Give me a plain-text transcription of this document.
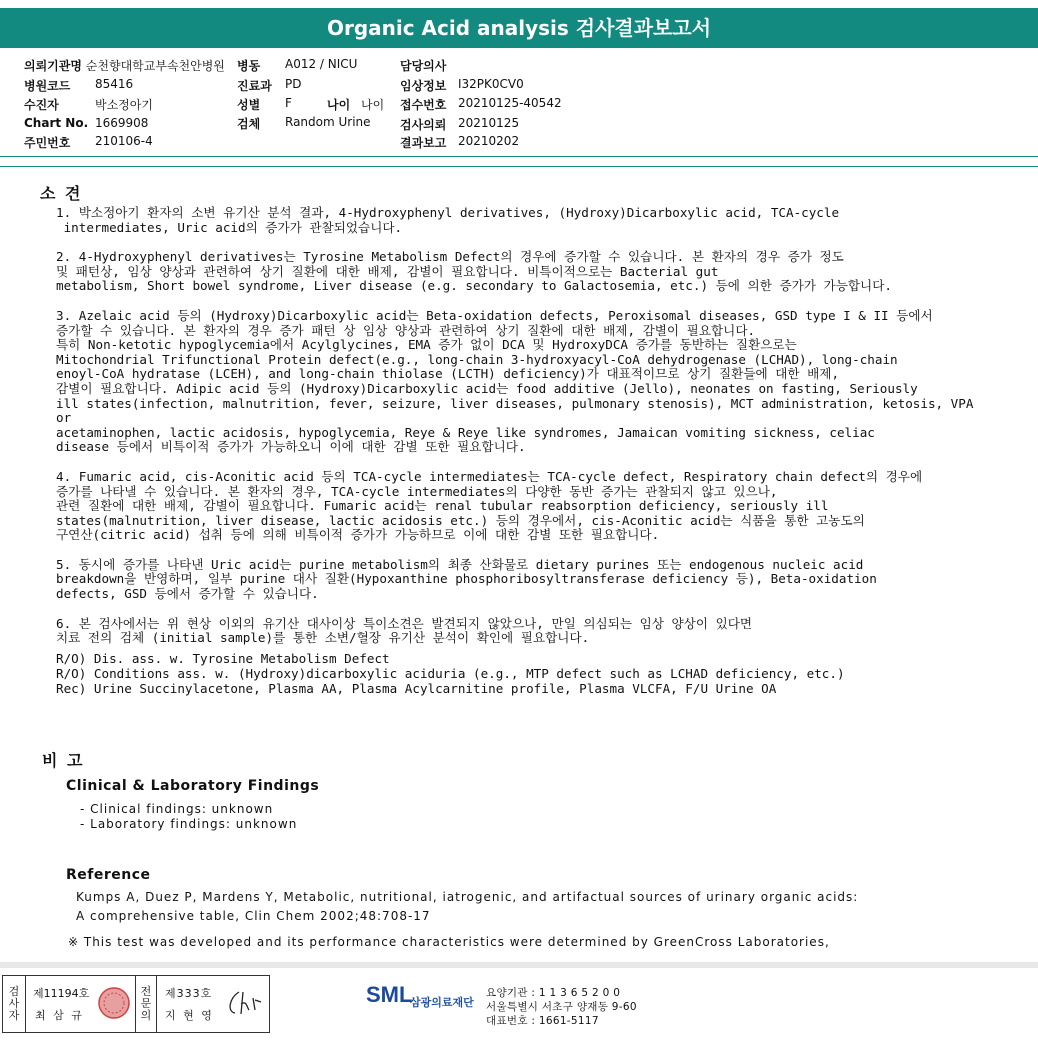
Organic Acid analysis 검사결과보고서
의뢰기관명 순천향대학교부속천안병원
병원코드 85416
수진자	박소정아기
Chart No. 1669908
주민번호 210106-4
병동 A012 / NICU
진료과 PD
성별 F	나이 나이
검체 Random Urine
담당의사
임상정보 I32PK0CV0
접수번호 20210125-40542
검사의뢰 20210125
결과보고 20210202
소 견

1. 박소정아기 환자의 소변 유기산 분석 결과, 4-Hydroxyphenyl derivatives, (Hydroxy)Dicarboxylic acid, TCA-cycle
intermediates, Uric acid의 증가가 관찰되었습니다.

2. 4-Hydroxyphenyl derivatives는 Tyrosine Metabolism Defect의 경우에 증가할 수 있습니다. 본 환자의 경우 증가 정도
및 패턴상, 임상 양상과 관련하여 상기 질환에 대한 배제, 감별이 필요합니다. 비특이적으로는 Bacterial gut
metabolism, Short bowel syndrome, Liver disease (e.g. secondary to Galactosemia, etc.) 등에 의한 증가가 가능합니다.

3. Azelaic acid 등의 (Hydroxy)Dicarboxylic acid는 Beta-oxidation defects, Peroxisomal diseases, GSD type I & II 등에서
증가할 수 있습니다. 본 환자의 경우 증가 패턴 상 임상 양상과 관련하여 상기 질환에 대한 배제, 감별이 필요합니다.
특히 Non-ketotic hypoglycemia에서 Acylglycines, EMA 증가 없이 DCA 및 HydroxyDCA 증가를 동반하는 질환으로는
Mitochondrial Trifunctional Protein defect(e.g., long-chain 3-hydroxyacyl-CoA dehydrogenase (LCHAD), long-chain
enoyl-CoA hydratase (LCEH), and long-chain thiolase (LCTH) deficiency)가 대표적이므로 상기 질환들에 대한 배제,
감별이 필요합니다. Adipic acid 등의 (Hydroxy)Dicarboxylic acid는 food additive (Jello), neonates on fasting, Seriously
ill states(infection, malnutrition, fever, seizure, liver diseases, pulmonary stenosis), MCT administration, ketosis, VPA or
acetaminophen, lactic acidosis, hypoglycemia, Reye & Reye like syndromes, Jamaican vomiting sickness, celiac
disease 등에서 비특이적 증가가 가능하오니 이에 대한 감별 또한 필요합니다.

4. Fumaric acid, cis-Aconitic acid 등의 TCA-cycle intermediates는 TCA-cycle defect, Respiratory chain defect의 경우에
증가를 나타낼 수 있습니다. 본 환자의 경우, TCA-cycle intermediates의 다양한 동반 증가는 관찰되지 않고 있으나,
관련 질환에 대한 배제, 감별이 필요합니다. Fumaric acid는 renal tubular reabsorption deficiency, seriously ill
states(malnutrition, liver disease, lactic acidosis etc.) 등의 경우에서, cis-Aconitic acid는 식품을 통한 고농도의
구연산(citric acid) 섭취 등에 의해 비특이적 증가가 가능하므로 이에 대한 감별 또한 필요합니다.

5. 동시에 증가를 나타낸 Uric acid는 purine metabolism의 최종 산화물로 dietary purines 또는 endogenous nucleic acid
breakdown을 반영하며, 일부 purine 대사 질환(Hypoxanthine phosphoribosyltransferase deficiency 등), Beta-oxidation
defects, GSD 등에서 증가할 수 있습니다.

6. 본 검사에서는 위 현상 이외의 유기산 대사이상 특이소견은 발견되지 않았으나, 만일 의심되는 임상 양상이 있다면
치료 전의 검체 (initial sample)를 통한 소변/혈장 유기산 분석이 확인에 필요합니다.

R/O) Dis. ass. w. Tyrosine Metabolism Defect
R/O) Conditions ass. w. (Hydroxy)dicarboxylic aciduria (e.g., MTP defect such as LCHAD deficiency, etc.)
Rec) Urine Succinylacetone, Plasma AA, Plasma Acylcarnitine profile, Plasma VLCFA, F/U Urine OA
비 고
Clinical & Laboratory Findings
- Clinical findings: unknown
- Laboratory findings: unknown
Reference
Kumps A, Duez P, Mardens Y, Metabolic, nutritional, iatrogenic, and artifactual sources of urinary organic acids:
A comprehensive table, Clin Chem 2002;48:708-17
※ This test was developed and its performance characteristics were determined by GreenCross Laboratories,
검
사
자
제11194호
최 삼 규
전
문
의
제333호
지 현 영
SML
삼광의료재단
요양기관 : 1 1 3 6 5 2 0 0
서울특별시 서초구 양재동 9-60
대표번호 : 1661-5117
